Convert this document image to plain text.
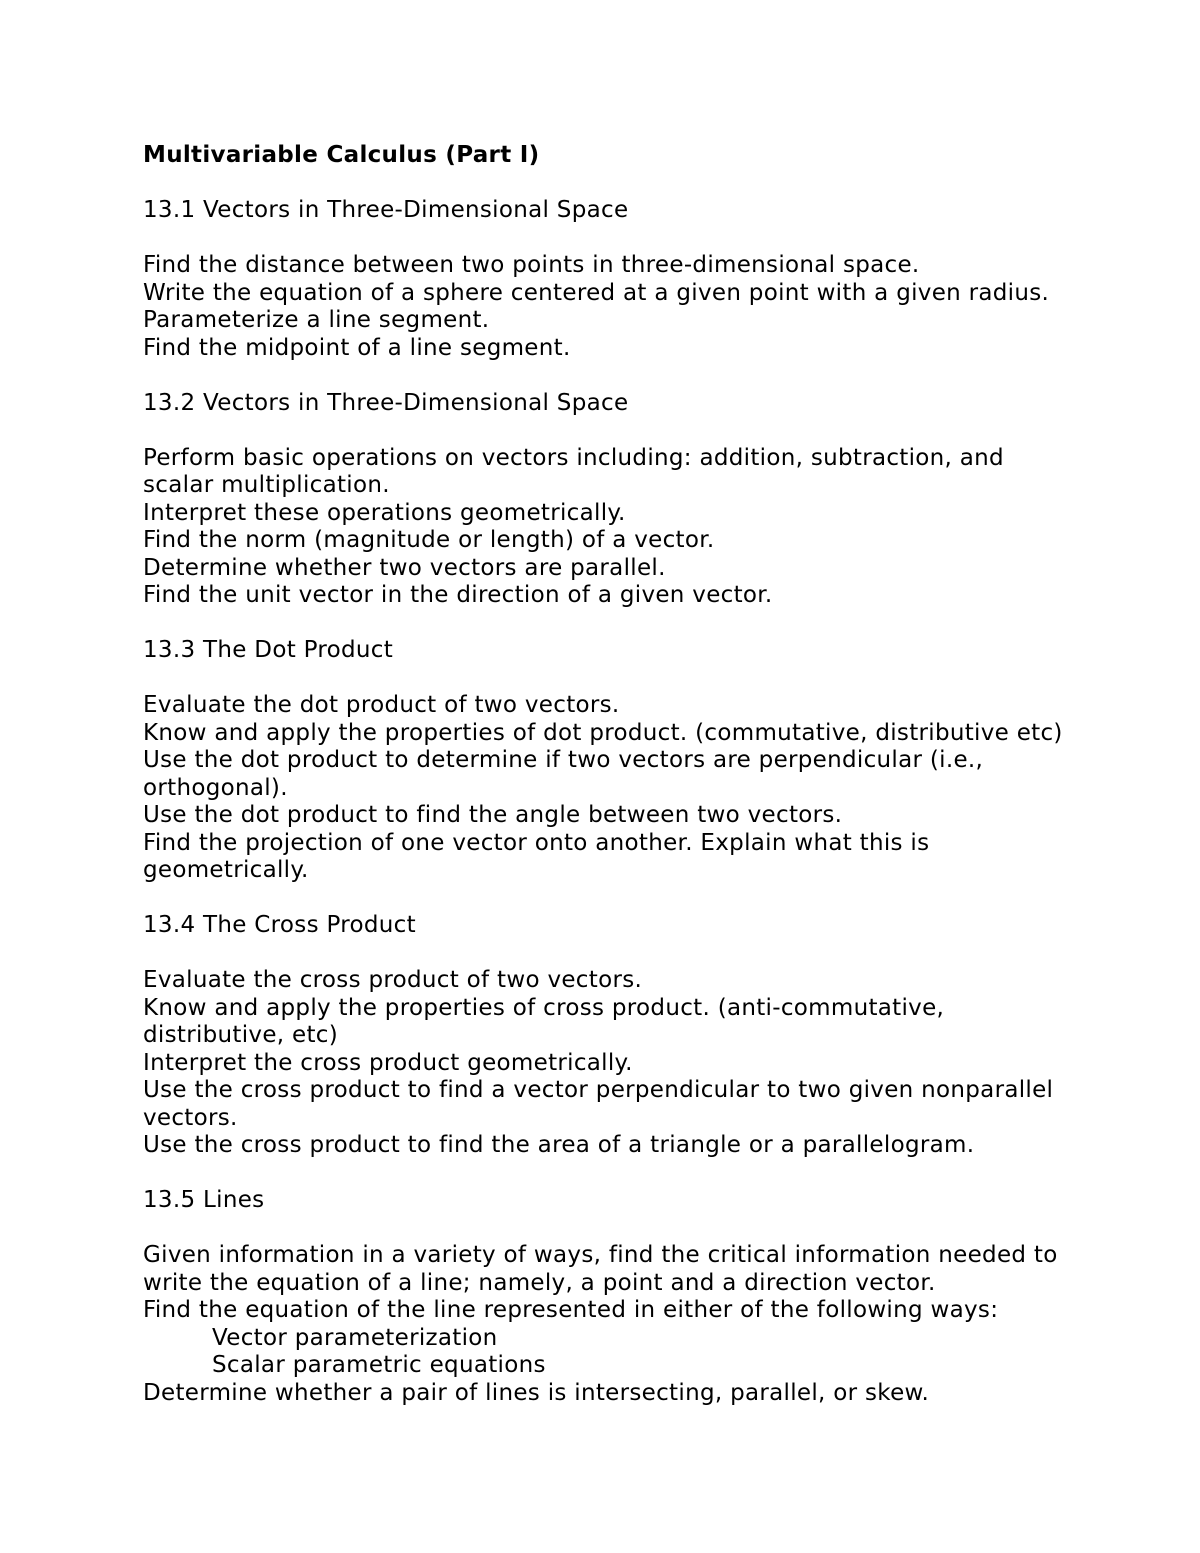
Multivariable Calculus (Part I)
13.1 Vectors in Three-Dimensional Space
Find the distance between two points in three-dimensional space.
Write the equation of a sphere centered at a given point with a given radius.
Parameterize a line segment.
Find the midpoint of a line segment.
13.2 Vectors in Three-Dimensional Space
Perform basic operations on vectors including: addition, subtraction, and
scalar multiplication.
Interpret these operations geometrically.
Find the norm (magnitude or length) of a vector.
Determine whether two vectors are parallel.
Find the unit vector in the direction of a given vector.
13.3 The Dot Product
Evaluate the dot product of two vectors.
Know and apply the properties of dot product. (commutative, distributive etc)
Use the dot product to determine if two vectors are perpendicular (i.e.,
orthogonal).
Use the dot product to find the angle between two vectors.
Find the projection of one vector onto another. Explain what this is
geometrically.
13.4 The Cross Product
Evaluate the cross product of two vectors.
Know and apply the properties of cross product. (anti-commutative,
distributive, etc)
Interpret the cross product geometrically.
Use the cross product to find a vector perpendicular to two given nonparallel
vectors.
Use the cross product to find the area of a triangle or a parallelogram.
13.5 Lines
Given information in a variety of ways, find the critical information needed to
write the equation of a line; namely, a point and a direction vector.
Find the equation of the line represented in either of the following ways:
Vector parameterization
Scalar parametric equations
Determine whether a pair of lines is intersecting, parallel, or skew.
